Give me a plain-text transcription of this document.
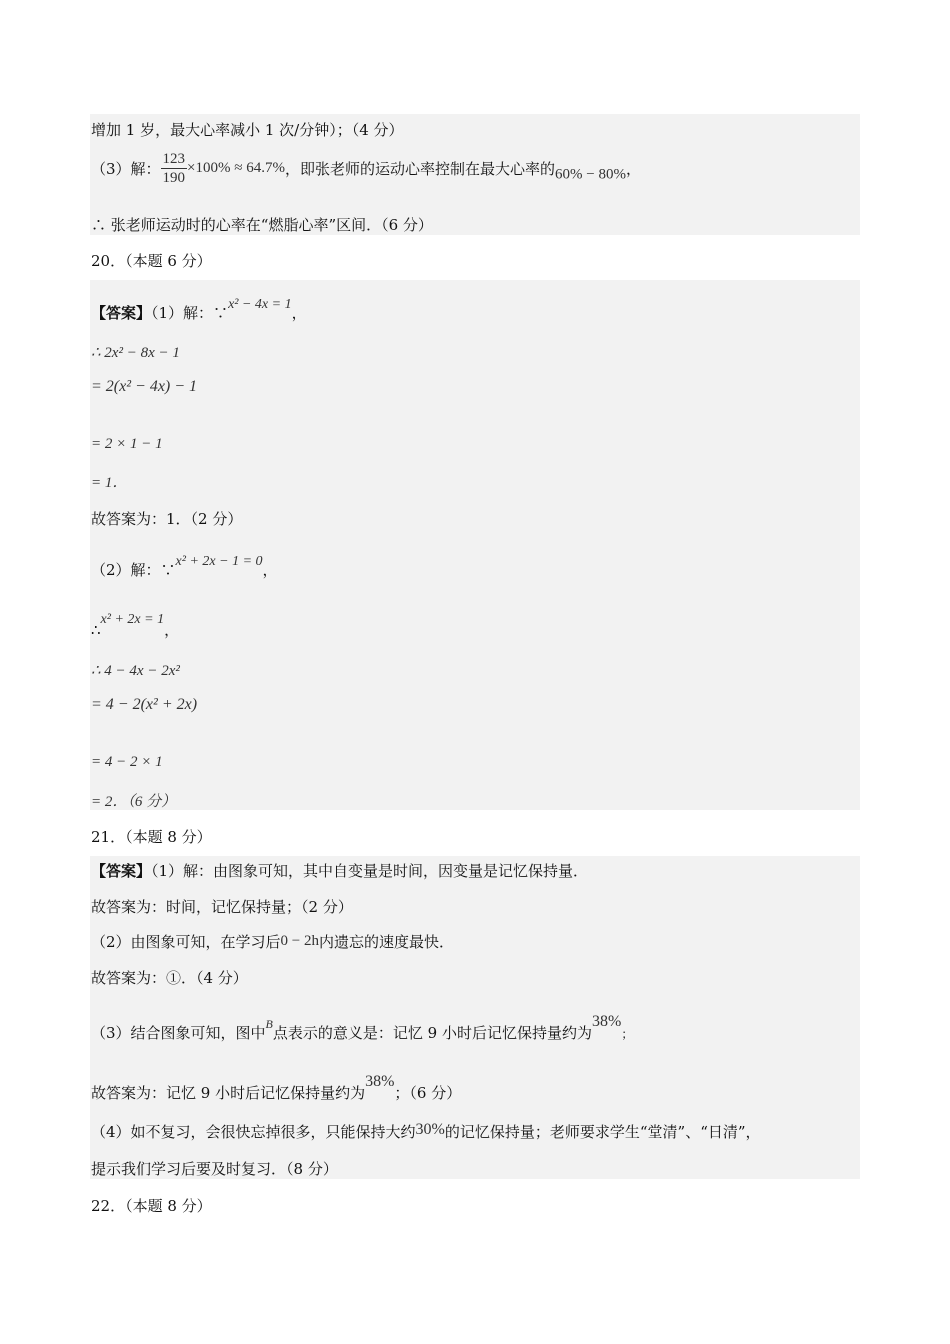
增加 1 岁，最大心率减小 1 次/分钟）；（4 分）
（3）解： $\frac{123}{190} \times 100\% \approx 64.7\%$，即张老师的运动心率控制在最大心率的60% − 80%，
∴ 张老师运动时的心率在“燃脂心率”区间．（6 分）
20．（本题 6 分）
【答案】（1）解：∵x² − 4x = 1，
∴ 2x² − 8x − 1
= 2(x² − 4x) − 1
= 2 × 1 − 1
= 1．
故答案为：1．（2 分）
（2）解：∵x² + 2x − 1 = 0，
∴x² + 2x = 1，
∴ 4 − 4x − 2x²
= 4 − 2(x² + 2x)
= 4 − 2 × 1
= 2．（6 分）
21．（本题 8 分）
【答案】（1）解：由图象可知，其中自变量是时间，因变量是记忆保持量．
故答案为：时间，记忆保持量；（2 分）
（2）由图象可知，在学习后0 − 2h内遗忘的速度最快．
故答案为：①．（4 分）
（3）结合图象可知，图中$^B$点表示的意义是：记忆 9 小时后记忆保持量约为38%；
故答案为：记忆 9 小时后记忆保持量约为38%；（6 分）
（4）如不复习，会很快忘掉很多，只能保持大约30%的记忆保持量；老师要求学生“堂清”、“日清”，
提示我们学习后要及时复习．（8 分）
22．（本题 8 分）
